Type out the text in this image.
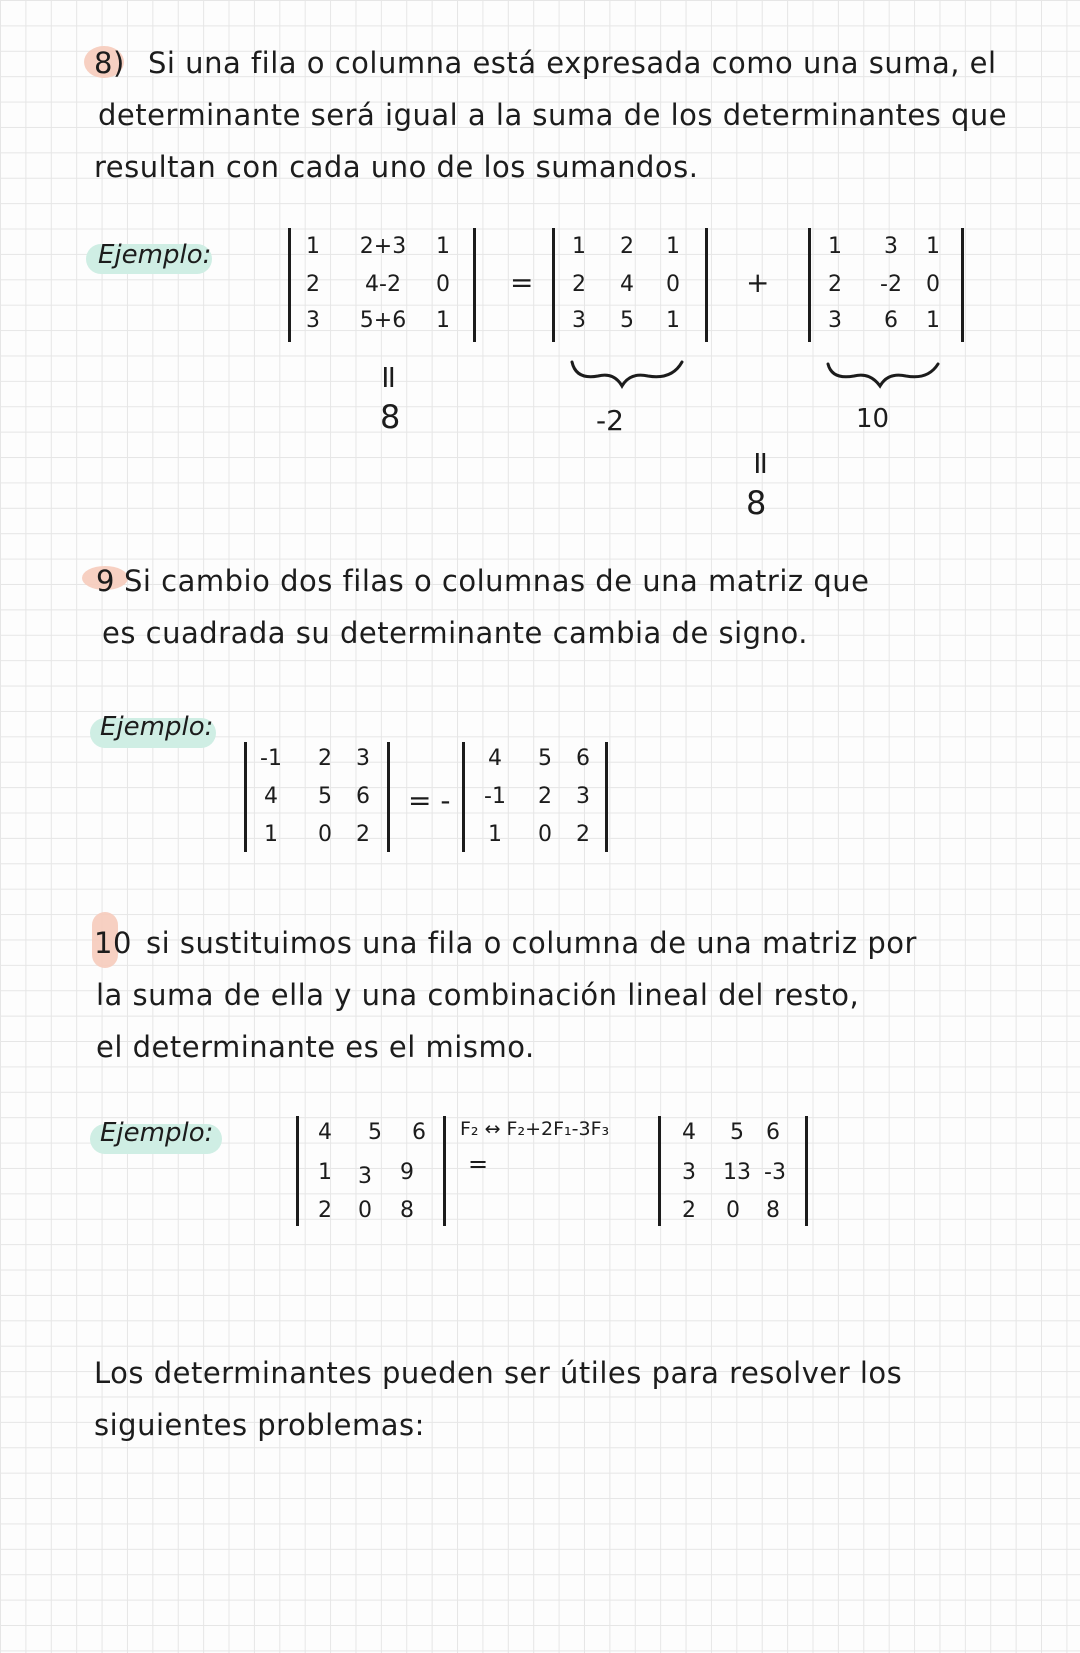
8) Si una fila o columna está expresada como una suma, el
determinante será igual a la suma de los determinantes que
resultan con cada uno de los sumandos.
Ejemplo:	1	2+3	1
2	4-2	0
3	5+6	1
=
1	2	1
2	4	0
3	5	1
+
1	3	1
2	-2	0
3	6	1
=
8	-2	10
=
8
9 Si cambio dos filas o columnas de una matriz que
es cuadrada su determinante cambia de signo.
Ejemplo:
-1	2	3
4	5	6
1	0	2
= -
4	5	6
-1	2	3
1	0	2
10 si sustituimos una fila o columna de una matriz por
la suma de ella y una combinación lineal del resto,
el determinante es el mismo.
Ejemplo:	4	5	6
1	3	9
2	0	8
F₂ ↔ F₂+2F₁-3F₃
=
4	5	6
3	13 -3
2	0	8
Los determinantes pueden ser útiles para resolver los
siguientes problemas:
